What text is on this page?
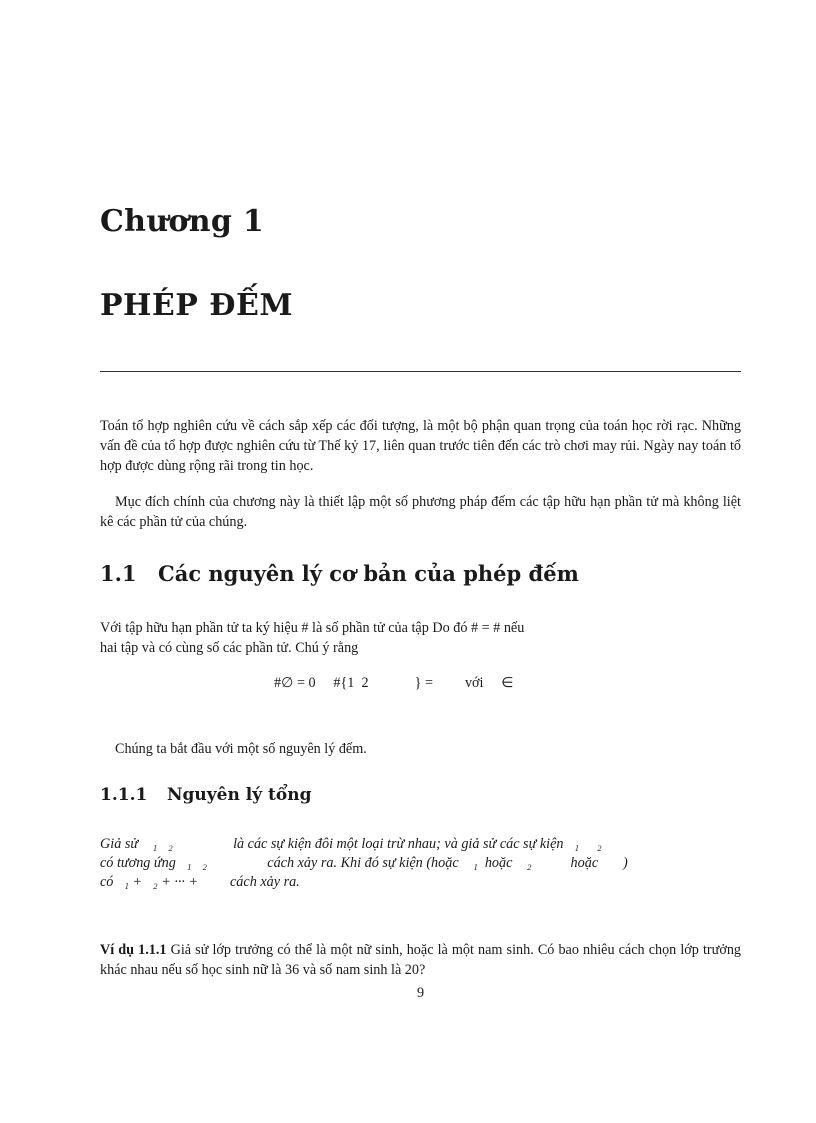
Chương 1
PHÉP ĐẾM

Toán tổ hợp nghiên cứu về cách sắp xếp các đối tượng, là một bộ phận quan trọng của toán học rời rạc. Những vấn đề của tổ hợp được nghiên cứu từ Thế kỷ 17, liên quan trước tiên đến các trò chơi may rủi. Ngày nay toán tổ hợp được dùng rộng rãi trong tin học.

Mục đích chính của chương này là thiết lập một số phương pháp đếm các tập hữu hạn phần tử mà không liệt kê các phần tử của chúng.

1.1 Các nguyên lý cơ bản của phép đếm
Với tập hữu hạn phần tử ta ký hiệu # là số phần tử của tập Do đó # = # nếu
hai tập và có cùng số các phần tử. Chú ý rằng
#∅ = 0     #{1  2             } =         với     ∈

Chúng ta bắt đầu với một số nguyên lý đếm.

1.1.1 Nguyên lý tổng
Giả sử    ₁   ₂                 là các sự kiện đôi một loại trừ nhau; và giả sử các sự kiện   ₁     ₂
có tương ứng   ₁   ₂                 cách xảy ra. Khi đó sự kiện (hoặc    ₁  hoặc    ₂           hoặc       )
có   ₁ +   ₂ + ··· +         cách xảy ra.

Ví dụ 1.1.1 Giả sử lớp trưởng có thể là một nữ sinh, hoặc là một nam sinh. Có bao nhiêu cách chọn lớp trưởng khác nhau nếu số học sinh nữ là 36 và số nam sinh là 20?

9
